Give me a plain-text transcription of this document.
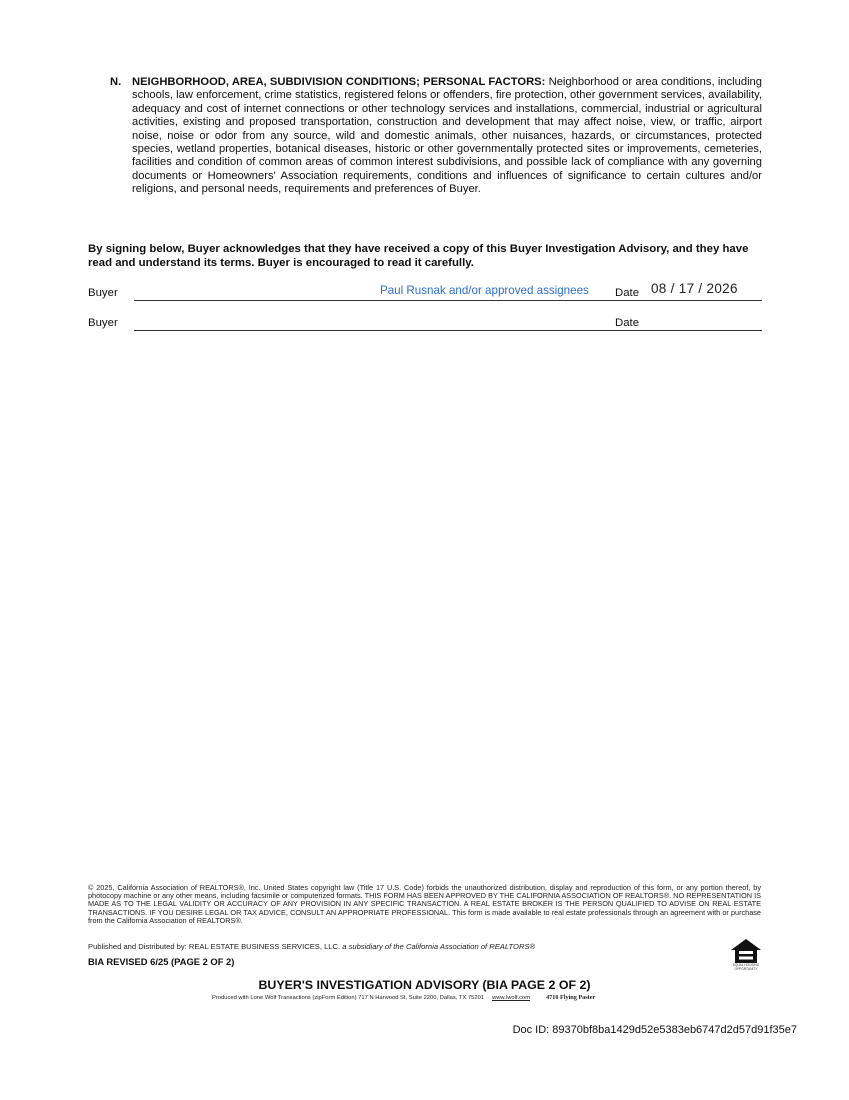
N. NEIGHBORHOOD, AREA, SUBDIVISION CONDITIONS; PERSONAL FACTORS: Neighborhood or area conditions, including schools, law enforcement, crime statistics, registered felons or offenders, fire protection, other government services, availability, adequacy and cost of internet connections or other technology services and installations, commercial, industrial or agricultural activities, existing and proposed transportation, construction and development that may affect noise, view, or traffic, airport noise, noise or odor from any source, wild and domestic animals, other nuisances, hazards, or circumstances, protected species, wetland properties, botanical diseases, historic or other governmentally protected sites or improvements, cemeteries, facilities and condition of common areas of common interest subdivisions, and possible lack of compliance with any governing documents or Homeowners' Association requirements, conditions and influences of significance to certain cultures and/or religions, and personal needs, requirements and preferences of Buyer.
By signing below, Buyer acknowledges that they have received a copy of this Buyer Investigation Advisory, and they have read and understand its terms. Buyer is encouraged to read it carefully.
Buyer	Paul Rusnak and/or approved assignees Date 08 / 17 / 2026
Buyer	Date
© 2025, California Association of REALTORS®, Inc. United States copyright law (Title 17 U.S. Code) forbids the unauthorized distribution, display and reproduction of this form, or any portion thereof, by photocopy machine or any other means, including facsimile or computerized formats. THIS FORM HAS BEEN APPROVED BY THE CALIFORNIA ASSOCIATION OF REALTORS®. NO REPRESENTATION IS MADE AS TO THE LEGAL VALIDITY OR ACCURACY OF ANY PROVISION IN ANY SPECIFIC TRANSACTION. A REAL ESTATE BROKER IS THE PERSON QUALIFIED TO ADVISE ON REAL ESTATE TRANSACTIONS. IF YOU DESIRE LEGAL OR TAX ADVICE, CONSULT AN APPROPRIATE PROFESSIONAL. This form is made available to real estate professionals through an agreement with or purchase from the California Association of REALTORS®.
Published and Distributed by: REAL ESTATE BUSINESS SERVICES, LLC. a subsidiary of the California Association of REALTORS®
BIA REVISED 6/25 (PAGE 2 OF 2)	EQUAL HOUSING OPPORTUNITY
BUYER'S INVESTIGATION ADVISORY (BIA PAGE 2 OF 2)
Produced with Lone Wolf Transactions (zipForm Edition) 717 N Harwood St, Suite 2200, Dallas, TX 75201 www.lwolf.com	4710 Flying Paster
Doc ID: 89370bf8ba1429d52e5383eb6747d2d57d91f35e7
